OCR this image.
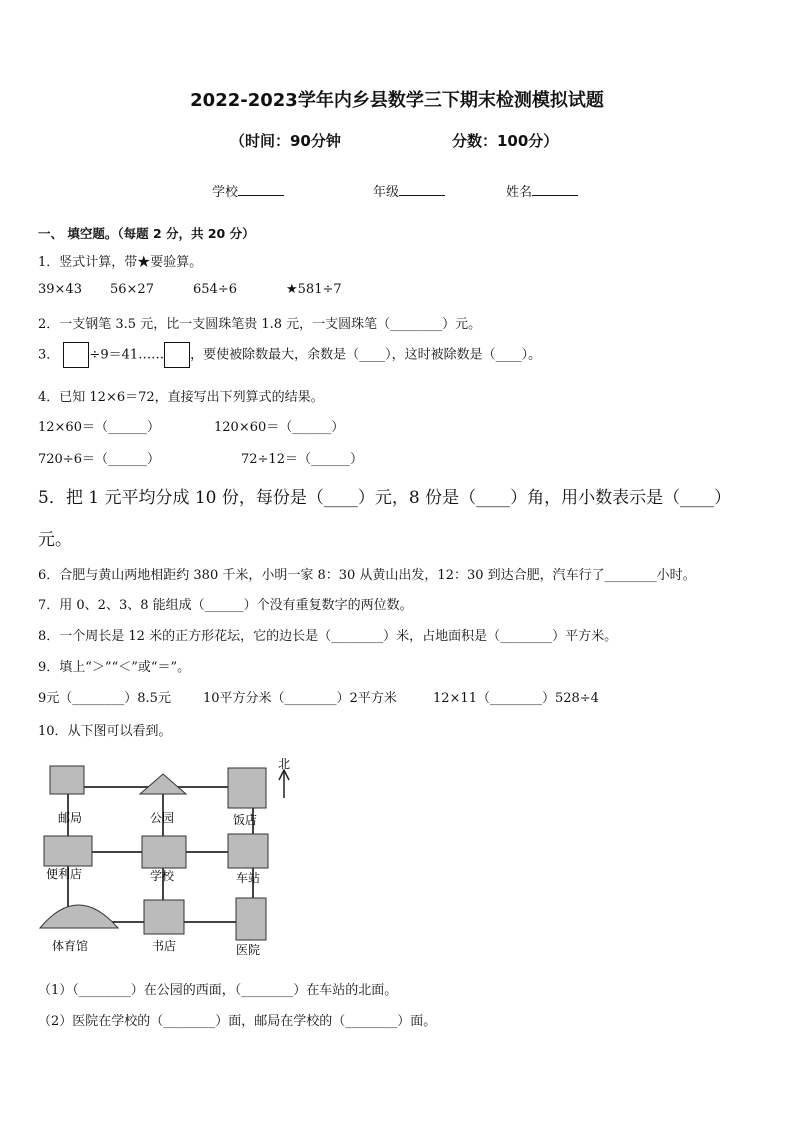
2022-2023学年内乡县数学三下期末检测模拟试题
（时间：90分钟	分数：100分）
学校	年级	姓名
一、 填空题。（每题 2 分，共 20 分）
1．竖式计算，带★要验算。
39×43 56×27	654÷6	★581÷7
2．一支钢笔 3.5 元，比一支圆珠笔贵 1.8 元，一支圆珠笔（________）元。
3． ÷9＝41…… ，要使被除数最大，余数是（____），这时被除数是（____）。
4．已知 12×6＝72，直接写出下列算式的结果。
12×60＝（______）	120×60＝（______）
720÷6＝（______）	72÷12＝（______）
5．把 1 元平均分成 10 份，每份是（____）元，8 份是（____）角，用小数表示是（____）
元。
6．合肥与黄山两地相距约 380 千米，小明一家 8：30 从黄山出发，12：30 到达合肥，汽车行了________小时。
7．用 0、2、3、8 能组成（______）个没有重复数字的两位数。
8．一个周长是 12 米的正方形花坛，它的边长是（________）米，占地面积是（________）平方米。
9．填上“＞”“＜”或“＝”。
9元（________）8.5元 10平方分米（________）2平方米	12×11（________）528÷4
10．从下图可以看到。
邮局	公园	饭店
便利店	学校	车站
体育馆	书店	医院
北
（1）（________）在公园的西面，（________）在车站的北面。
（2）医院在学校的（________）面，邮局在学校的（________）面。
